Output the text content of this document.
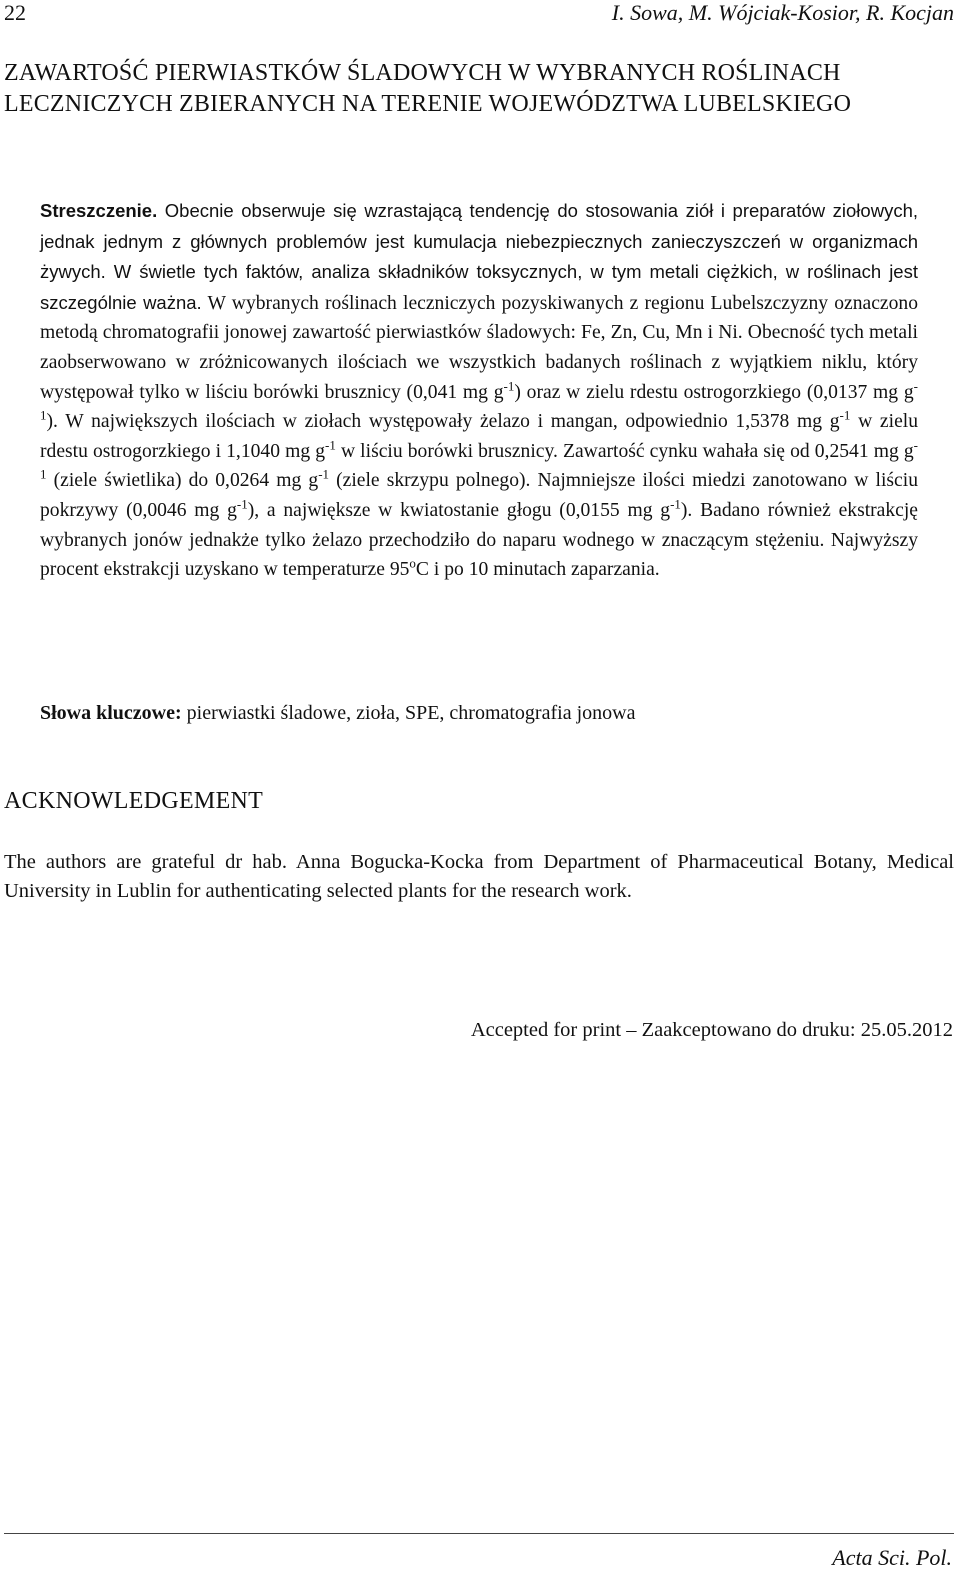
22	I. Sowa, M. Wójciak-Kosior, R. Kocjan
ZAWARTOŚĆ PIERWIASTKÓW ŚLADOWYCH W WYBRANYCH ROŚLINACH LECZNICZYCH ZBIERANYCH NA TERENIE WOJEWÓDZTWA LUBELSKIEGO

Streszczenie. Obecnie obserwuje się wzrastającą tendencję do stosowania ziół i preparatów ziołowych, jednak jednym z głównych problemów jest kumulacja niebezpiecznych zanieczyszczeń w organizmach żywych. W świetle tych faktów, analiza składników toksycznych, w tym metali ciężkich, w roślinach jest szczególnie ważna. W wybranych roślinach leczniczych pozyskiwanych z regionu Lubelszczyzny oznaczono metodą chromatografii jonowej zawartość pierwiastków śladowych: Fe, Zn, Cu, Mn i Ni. Obecność tych metali zaobserwowano w zróżnicowanych ilościach we wszystkich badanych roślinach z wyjątkiem niklu, który występował tylko w liściu borówki brusznicy (0,041 mg $g^{-1}$) oraz w zielu rdestu ostrogorzkiego (0,0137 mg $g^{-1}$). W największych ilościach w ziołach występowały żelazo i mangan, odpowiednio 1,5378 mg $g^{-1}$ w zielu rdestu ostrogorzkiego i 1,1040 mg $g^{-1}$ w liściu borówki brusznicy. Zawartość cynku wahała się od 0,2541 mg $g^{-1}$ (ziele świetlika) do 0,0264 mg $g^{-1}$ (ziele skrzypu polnego). Najmniejsze ilości miedzi zanotowano w liściu pokrzywy (0,0046 mg $g^{-1}$), a największe w kwiatostanie głogu (0,0155 mg $g^{-1}$). Badano również ekstrakcję wybranych jonów jednakże tylko żelazo przechodziło do naparu wodnego w znaczącym stężeniu. Najwyższy procent ekstrakcji uzyskano w temperaturze 95$^o$C i po 10 minutach zaparzania.

Słowa kluczowe: pierwiastki śladowe, zioła, SPE, chromatografia jonowa

ACKNOWLEDGEMENT

The authors are grateful dr hab. Anna Bogucka-Kocka from Department of Pharmaceutical Botany, Medical University in Lublin for authenticating selected plants for the research work.

Accepted for print – Zaakceptowano do druku: 25.05.2012

Acta Sci. Pol.
